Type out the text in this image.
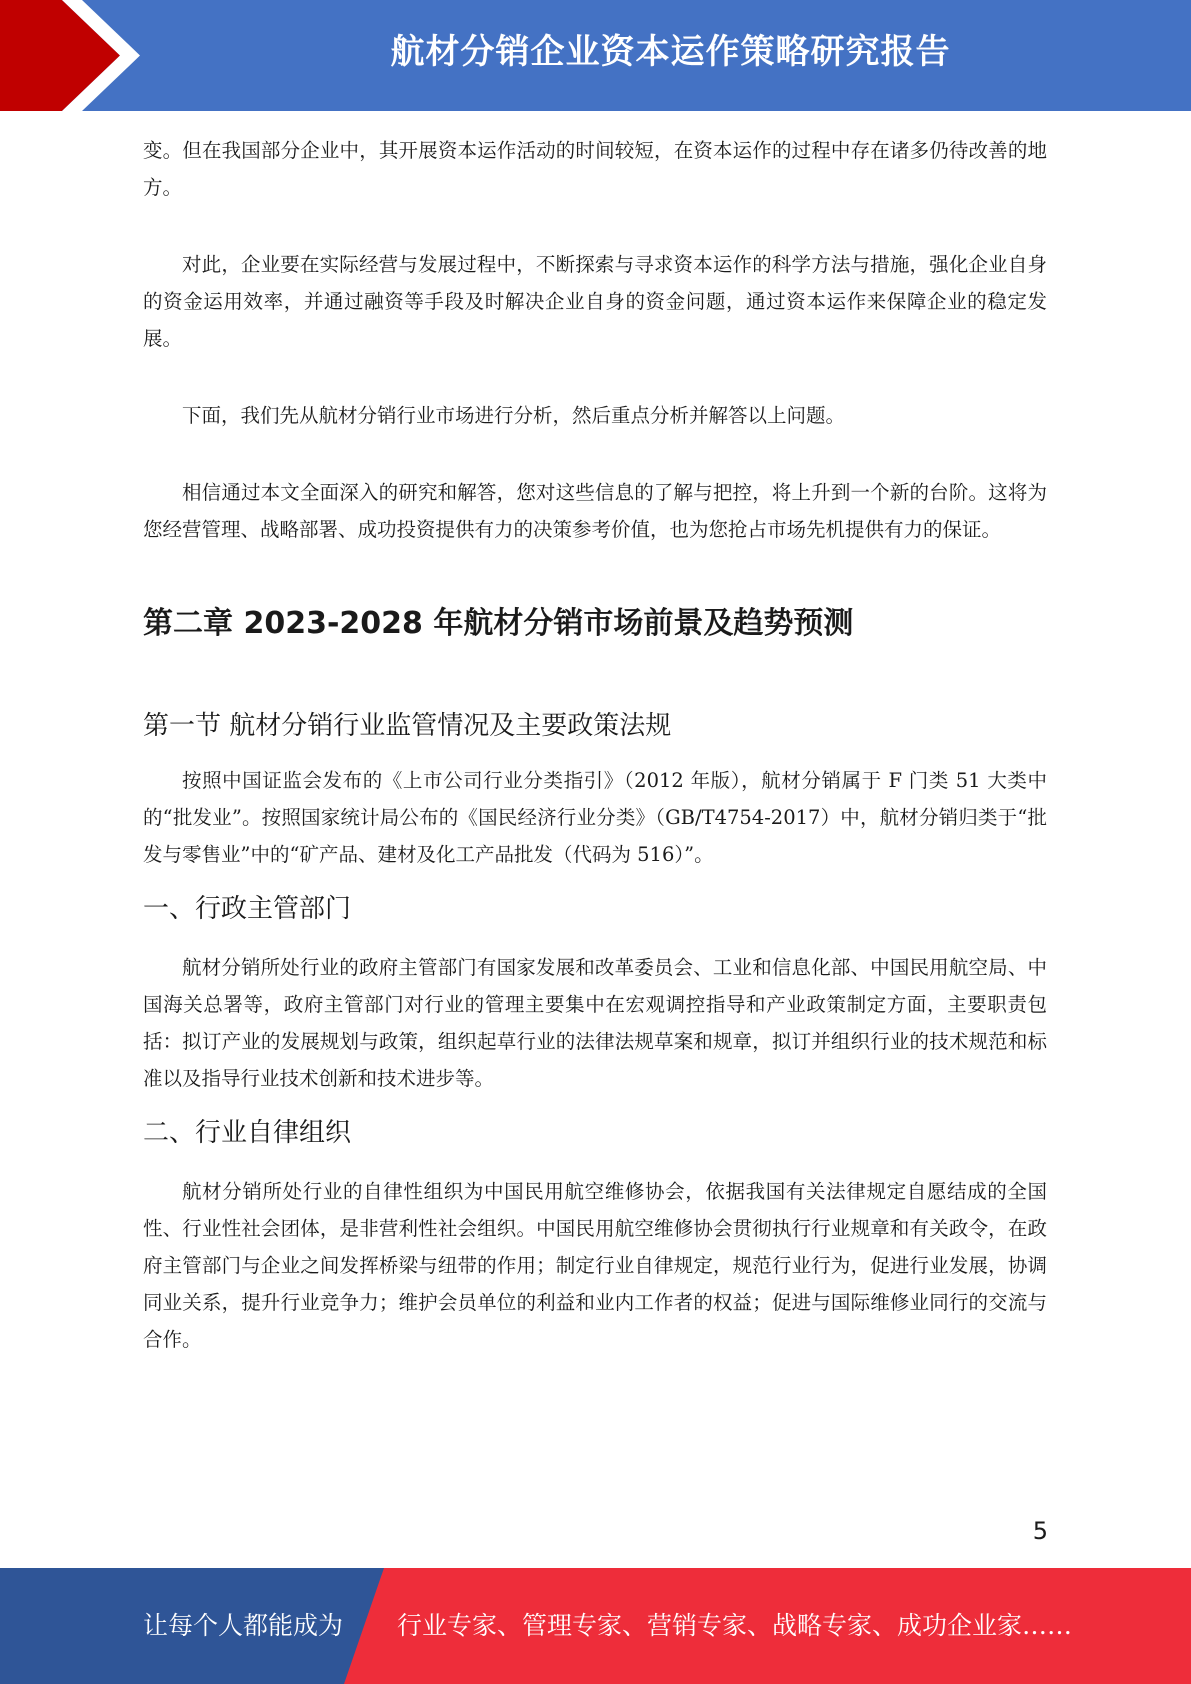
航材分销企业资本运作策略研究报告

变。但在我国部分企业中，其开展资本运作活动的时间较短，在资本运作的过程中存在诸多仍待改善的地方。

对此，企业要在实际经营与发展过程中，不断探索与寻求资本运作的科学方法与措施，强化企业自身的资金运用效率，并通过融资等手段及时解决企业自身的资金问题，通过资本运作来保障企业的稳定发展。

下面，我们先从航材分销行业市场进行分析，然后重点分析并解答以上问题。

相信通过本文全面深入的研究和解答，您对这些信息的了解与把控，将上升到一个新的台阶。这将为您经营管理、战略部署、成功投资提供有力的决策参考价值，也为您抢占市场先机提供有力的保证。

第二章 2023-2028 年航材分销市场前景及趋势预测
第一节 航材分销行业监管情况及主要政策法规

按照中国证监会发布的《上市公司行业分类指引》（2012 年版），航材分销属于 F 门类 51 大类中的“批发业”。按照国家统计局公布的《国民经济行业分类》（GB/T4754-2017）中，航材分销归类于“批发与零售业”中的“矿产品、建材及化工产品批发（代码为 516）”。

一、行政主管部门

航材分销所处行业的政府主管部门有国家发展和改革委员会、工业和信息化部、中国民用航空局、中国海关总署等，政府主管部门对行业的管理主要集中在宏观调控指导和产业政策制定方面，主要职责包括：拟订产业的发展规划与政策，组织起草行业的法律法规草案和规章，拟订并组织行业的技术规范和标准以及指导行业技术创新和技术进步等。

二、行业自律组织

航材分销所处行业的自律性组织为中国民用航空维修协会，依据我国有关法律规定自愿结成的全国性、行业性社会团体，是非营利性社会组织。中国民用航空维修协会贯彻执行行业规章和有关政令，在政府主管部门与企业之间发挥桥梁与纽带的作用；制定行业自律规定，规范行业行为，促进行业发展，协调同业关系，提升行业竞争力；维护会员单位的利益和业内工作者的权益；促进与国际维修业同行的交流与合作。

5
让每个人都能成为 行业专家、管理专家、营销专家、战略专家、成功企业家……
